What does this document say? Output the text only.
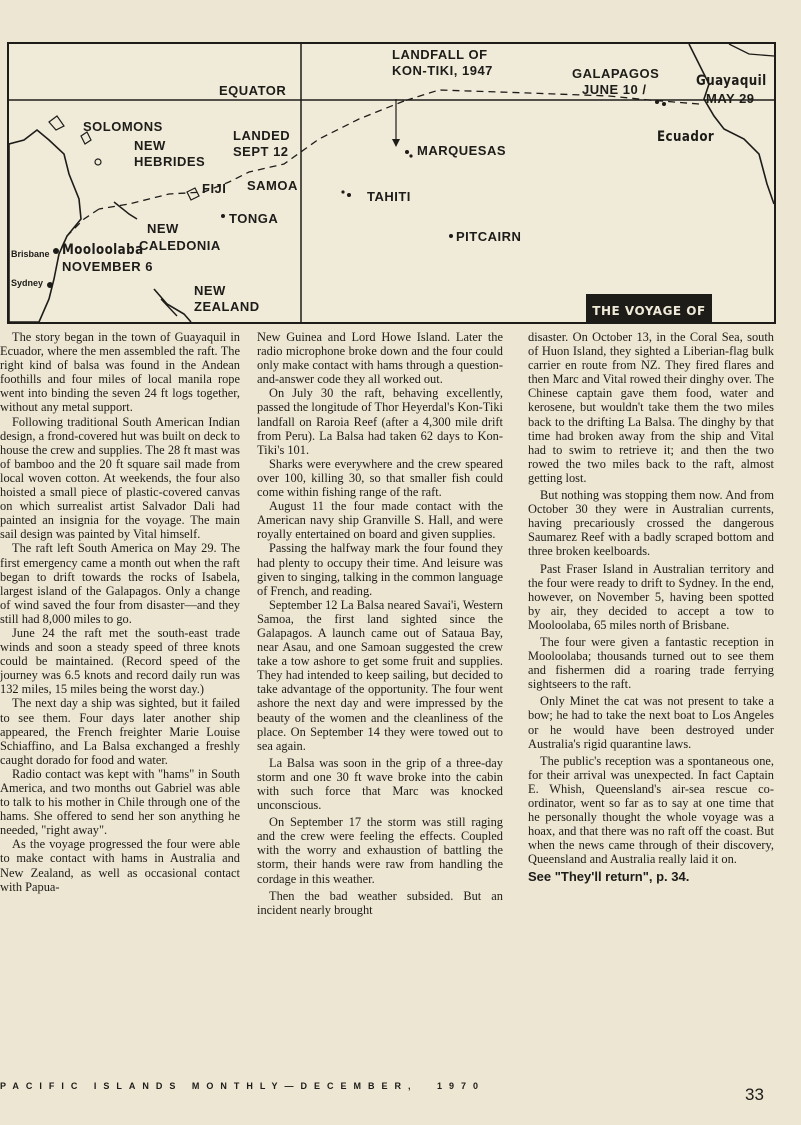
EQUATOR
LANDFALL OF
KON-TIKI, 1947	GALAPAGOS
JUNE 10 /
Guayaquil
MAY 29
Ecuador
SOLOMONS
NEW
HEBRIDES
LANDED
SEPT 12	MARQUESAS
FIJI SAMOA
TAHITI
TONGA
NEW
CALEDONIA
Brisbane Mooloolaba
NOVEMBER 6
Sydney
PITCAIRN
NEW
ZEALAND	THE VOYAGE OF

The story began in the town of Guayaquil in Ecuador, where the men assembled the raft. The right kind of balsa was found in the Andean foothills and four miles of local manila rope went into binding the seven 24 ft logs together, without any metal support.

Following traditional South American Indian design, a frond-covered hut was built on deck to house the crew and supplies. The 28 ft mast was of bamboo and the 20 ft square sail made from local woven cotton. At weekends, the four also hoisted a small piece of plastic-covered canvas on which surrealist artist Salvador Dali had painted an insignia for the voyage. The main sail design was painted by Vital himself.

The raft left South America on May 29. The first emergency came a month out when the raft began to drift towards the rocks of Isabela, largest island of the Galapagos. Only a change of wind saved the four from disaster—and they still had 8,000 miles to go.

June 24 the raft met the south-east trade winds and soon a steady speed of three knots could be maintained. (Record speed of the journey was 6.5 knots and record daily run was 132 miles, 15 miles being the worst day.)

The next day a ship was sighted, but it failed to see them. Four days later another ship appeared, the French freighter Marie Louise Schiaffino, and La Balsa exchanged a freshly caught dorado for food and water.

Radio contact was kept with "hams" in South America, and two months out Gabriel was able to talk to his mother in Chile through one of the hams. She offered to send her son anything he needed, "right away".

As the voyage progressed the four were able to make contact with hams in Australia and New Zealand, as well as occasional contact with Papua-

New Guinea and Lord Howe Island. Later the radio microphone broke down and the four could only make contact with hams through a question-and-answer code they all worked out.

On July 30 the raft, behaving excellently, passed the longitude of Thor Heyerdal's Kon-Tiki landfall on Raroia Reef (after a 4,300 mile drift from Peru). La Balsa had taken 62 days to Kon-Tiki's 101.

Sharks were everywhere and the crew speared over 100, killing 30, so that smaller fish could come within fishing range of the raft.

August 11 the four made contact with the American navy ship Granville S. Hall, and were royally entertained on board and given supplies.

Passing the halfway mark the four found they had plenty to occupy their time. And leisure was given to singing, talking in the common language of French, and reading.

September 12 La Balsa neared Savai'i, Western Samoa, the first land sighted since the Galapagos. A launch came out of Sataua Bay, near Asau, and one Samoan suggested the crew take a tow ashore to get some fruit and supplies. They had intended to keep sailing, but decided to take advantage of the opportunity. The four went ashore the next day and were impressed by the beauty of the women and the cleanliness of the place. On September 14 they were towed out to sea again.

La Balsa was soon in the grip of a three-day storm and one 30 ft wave broke into the cabin with such force that Marc was knocked unconscious.

On September 17 the storm was still raging and the crew were feeling the effects. Coupled with the worry and exhaustion of battling the storm, their hands were raw from handling the cordage in this weather.

Then the bad weather subsided. But an incident nearly brought

disaster. On October 13, in the Coral Sea, south of Huon Island, they sighted a Liberian-flag bulk carrier en route from NZ. They fired flares and then Marc and Vital rowed their dinghy over. The Chinese captain gave them food, water and kerosene, but wouldn't take them the two miles back to the drifting La Balsa. The dinghy by that time had broken away from the ship and Vital had to swim to retrieve it; and then the two rowed the two miles back to the raft, almost getting lost.

But nothing was stopping them now. And from October 30 they were in Australian currents, having precariously crossed the dangerous Saumarez Reef with a badly scraped bottom and three broken keelboards.

Past Fraser Island in Australian territory and the four were ready to drift to Sydney. In the end, however, on November 5, having been spotted by air, they decided to accept a tow to Mooloolaba, 65 miles north of Brisbane.

The four were given a fantastic reception in Mooloolaba; thousands turned out to see them and fishermen did a roaring trade ferrying sightseers to the raft.

Only Minet the cat was not present to take a bow; he had to take the next boat to Los Angeles or he would have been destroyed under Australia's rigid quarantine laws.

The public's reception was a spontaneous one, for their arrival was unexpected. In fact Captain E. Whish, Queensland's air-sea rescue co-ordinator, went so far as to say at one time that he personally thought the whole voyage was a hoax, and that there was no raft off the coast. But when the news came through of their discovery, Queensland and Australia really laid it on.

See "They'll return", p. 34.

PACIFIC ISLANDS MONTHLY—DECEMBER, 1970	33
